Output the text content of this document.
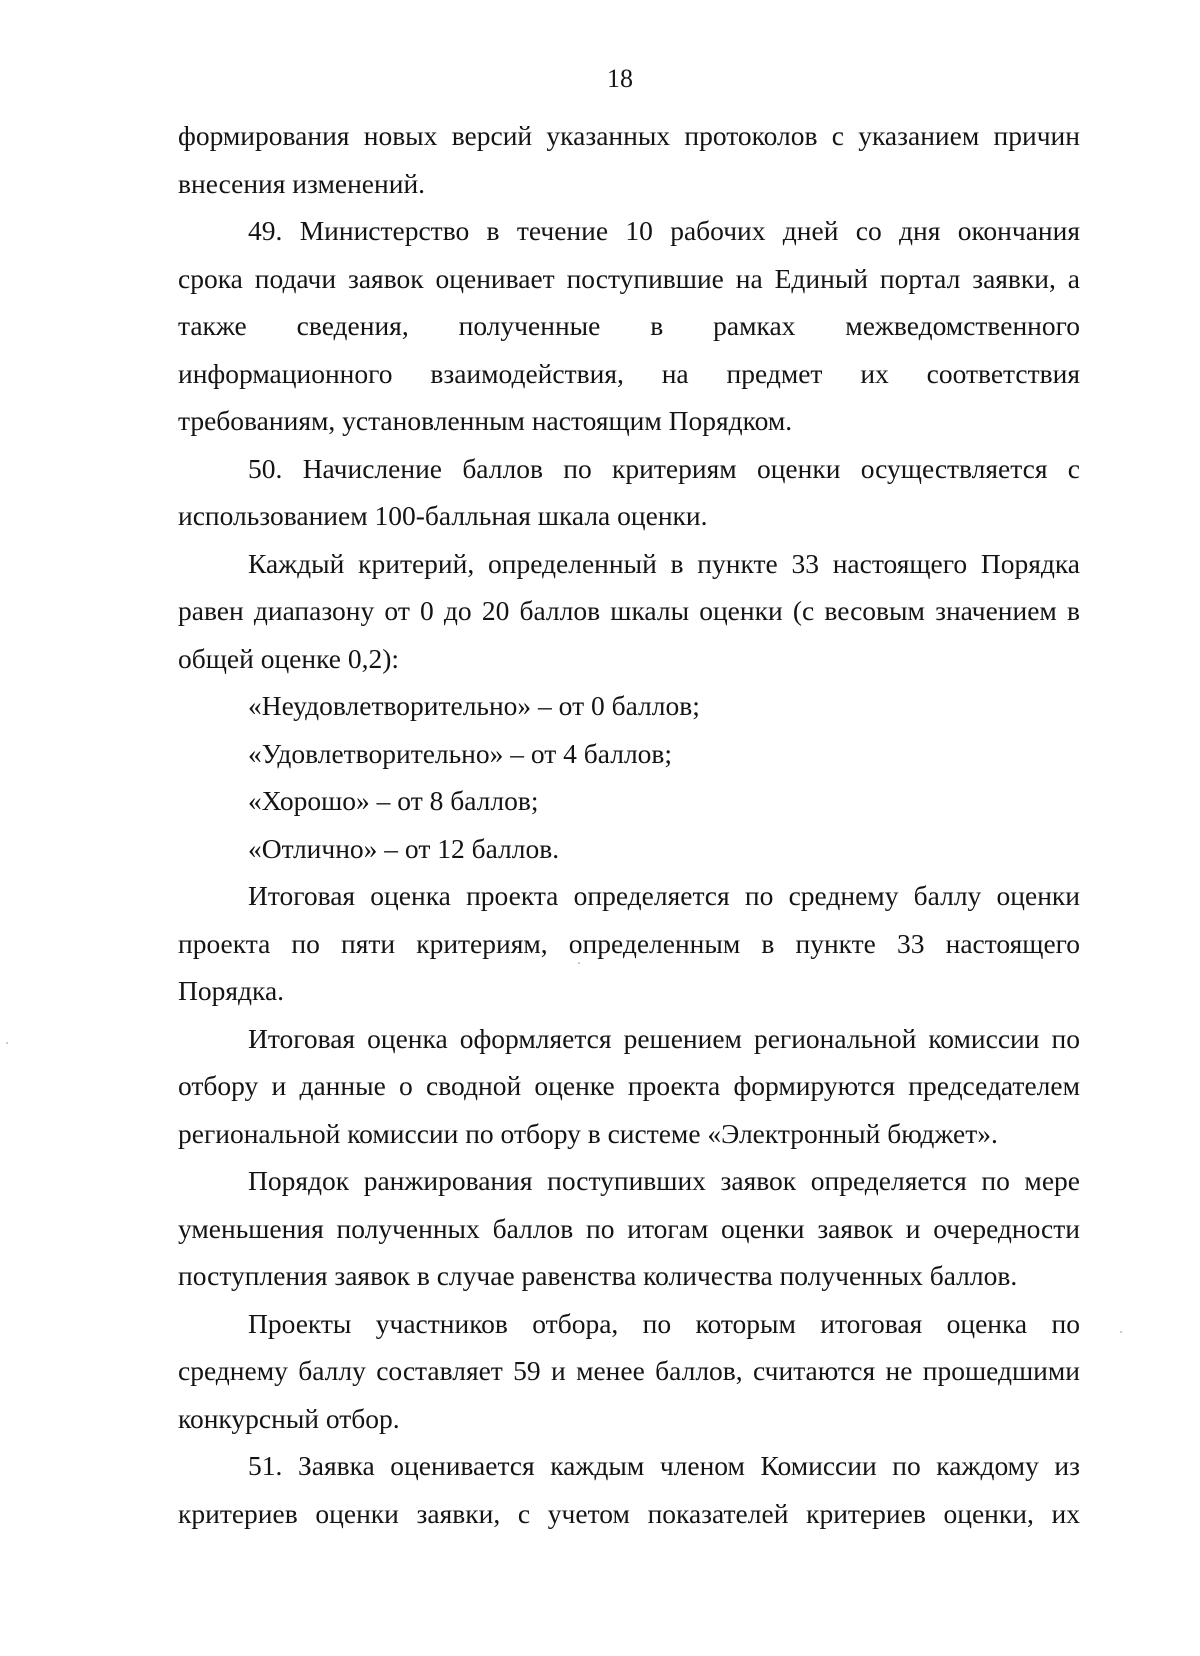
18

формирования новых версий указанных протоколов с указанием причин
внесения изменений.

49. Министерство в течение 10 рабочих дней со дня окончания
срока подачи заявок оценивает поступившие на Единый портал заявки, а
также сведения, полученные в рамках межведомственного
информационного взаимодействия, на предмет их соответствия
требованиям, установленным настоящим Порядком.

50. Начисление баллов по критериям оценки осуществляется с
использованием 100-балльная шкала оценки.

Каждый критерий, определенный в пункте 33 настоящего Порядка
равен диапазону от 0 до 20 баллов шкалы оценки (с весовым значением в
общей оценке 0,2):

«Неудовлетворительно» – от 0 баллов;

«Удовлетворительно» – от 4 баллов;

«Хорошо» – от 8 баллов;

«Отлично» – от 12 баллов.

Итоговая оценка проекта определяется по среднему баллу оценки
проекта по пяти критериям, определенным в пункте 33 настоящего
Порядка.

Итоговая оценка оформляется решением региональной комиссии по
отбору и данные о сводной оценке проекта формируются председателем
региональной комиссии по отбору в системе «Электронный бюджет».

Порядок ранжирования поступивших заявок определяется по мере
уменьшения полученных баллов по итогам оценки заявок и очередности
поступления заявок в случае равенства количества полученных баллов.

Проекты участников отбора, по которым итоговая оценка по
среднему баллу составляет 59 и менее баллов, считаются не прошедшими
конкурсный отбор.

51. Заявка оценивается каждым членом Комиссии по каждому из
критериев оценки заявки, с учетом показателей критериев оценки, их
